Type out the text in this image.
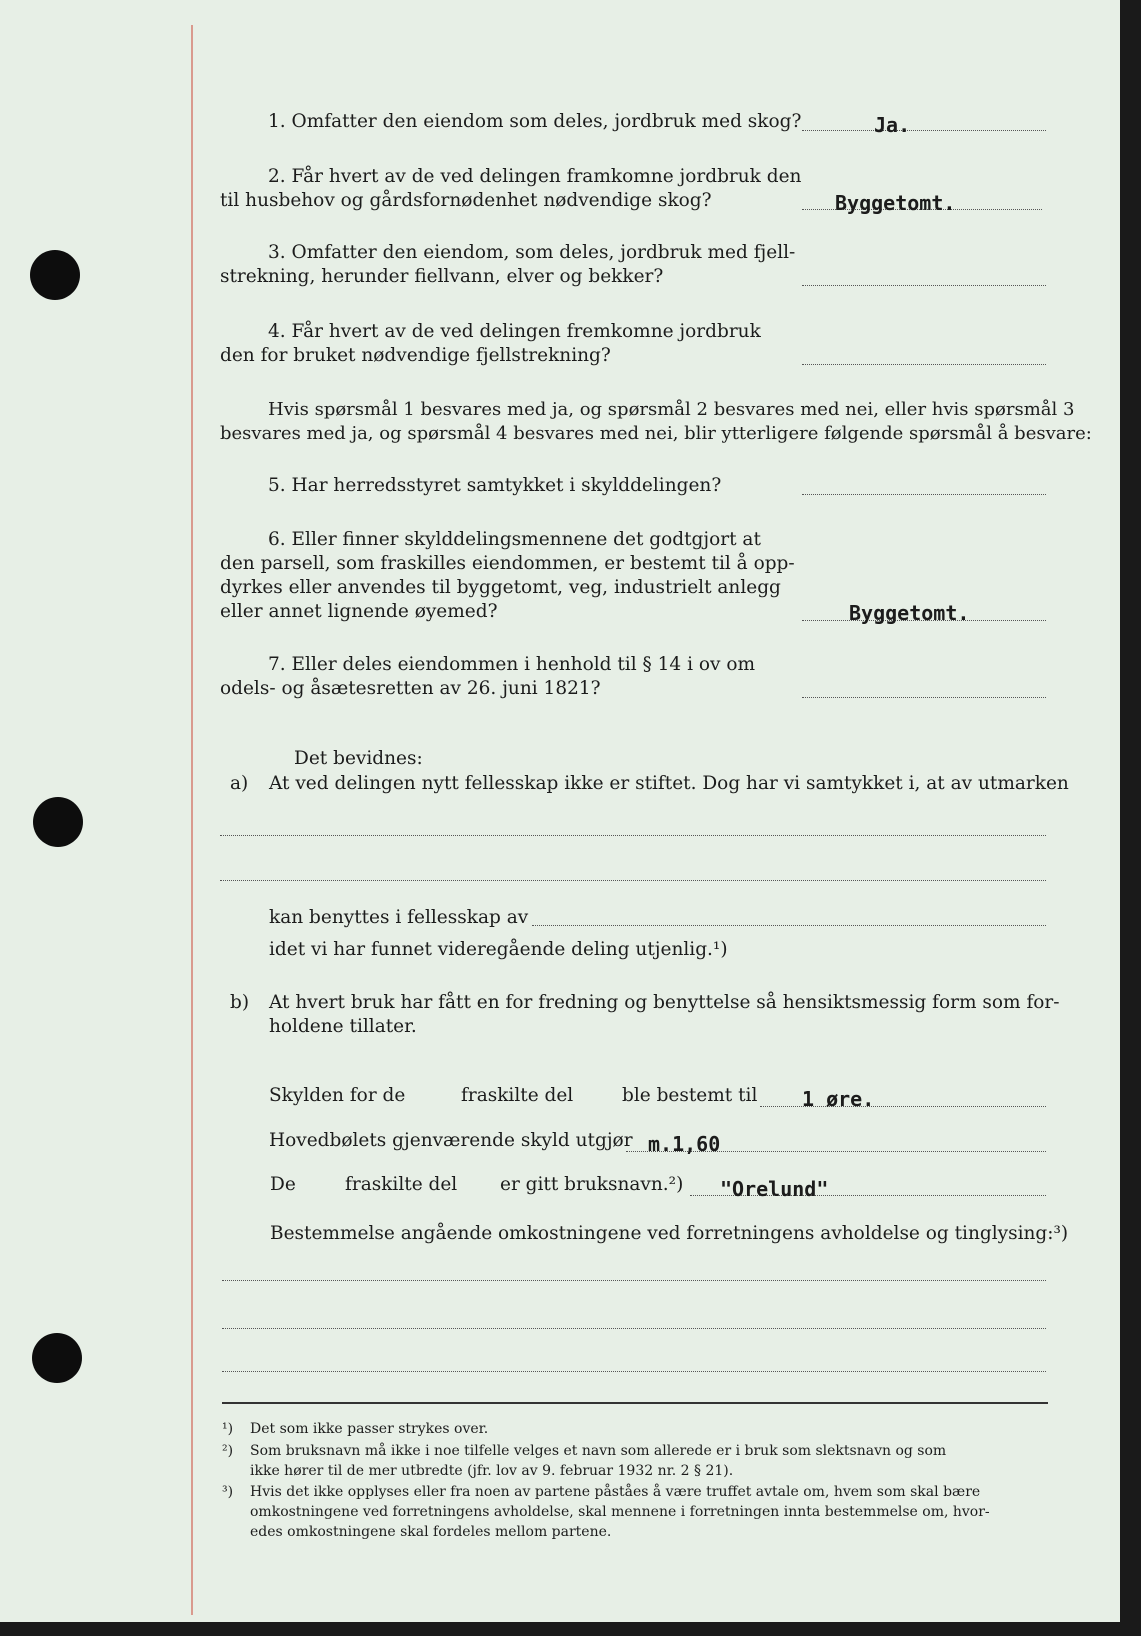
1. Omfatter den eiendom som deles, jordbruk med skog?	Ja.
2. Får hvert av de ved delingen framkomne jordbruk den
til husbehov og gårdsfornødenhet nødvendige skog?	Byggetomt.
3. Omfatter den eiendom, som deles, jordbruk med fjell-
strekning, herunder fiellvann, elver og bekker?
4. Får hvert av de ved delingen fremkomne jordbruk
den for bruket nødvendige fjellstrekning?
Hvis spørsmål 1 besvares med ja, og spørsmål 2 besvares med nei, eller hvis spørsmål 3
besvares med ja, og spørsmål 4 besvares med nei, blir ytterligere følgende spørsmål å besvare:
5. Har herredsstyret samtykket i skylddelingen?
6. Eller finner skylddelingsmennene det godtgjort at
den parsell, som fraskilles eiendommen, er bestemt til å opp-
dyrkes eller anvendes til byggetomt, veg, industrielt anlegg
eller annet lignende øyemed?	Byggetomt.
7. Eller deles eiendommen i henhold til § 14 i ov om
odels- og åsætesretten av 26. juni 1821?
Det bevidnes:
a) At ved delingen nytt fellesskap ikke er stiftet. Dog har vi samtykket i, at av utmarken
kan benyttes i fellesskap av
idet vi har funnet videregående deling utjenlig.¹)
b) At hvert bruk har fått en for fredning og benyttelse så hensiktsmessig form som for-
holdene tillater.
Skylden for de	fraskilte del	ble bestemt til 1 øre.
Hovedbølets gjenværende skyld utgjør m.1,60
De	fraskilte del er gitt bruksnavn.²) "Orelund"
Bestemmelse angående omkostningene ved forretningens avholdelse og tinglysing:³)
¹) Det som ikke passer strykes over.
²) Som bruksnavn må ikke i noe tilfelle velges et navn som allerede er i bruk som slektsnavn og som
ikke hører til de mer utbredte (jfr. lov av 9. februar 1932 nr. 2 § 21).
³) Hvis det ikke opplyses eller fra noen av partene påståes å være truffet avtale om, hvem som skal bære
omkostningene ved forretningens avholdelse, skal mennene i forretningen innta bestemmelse om, hvor-
edes omkostningene skal fordeles mellom partene.
